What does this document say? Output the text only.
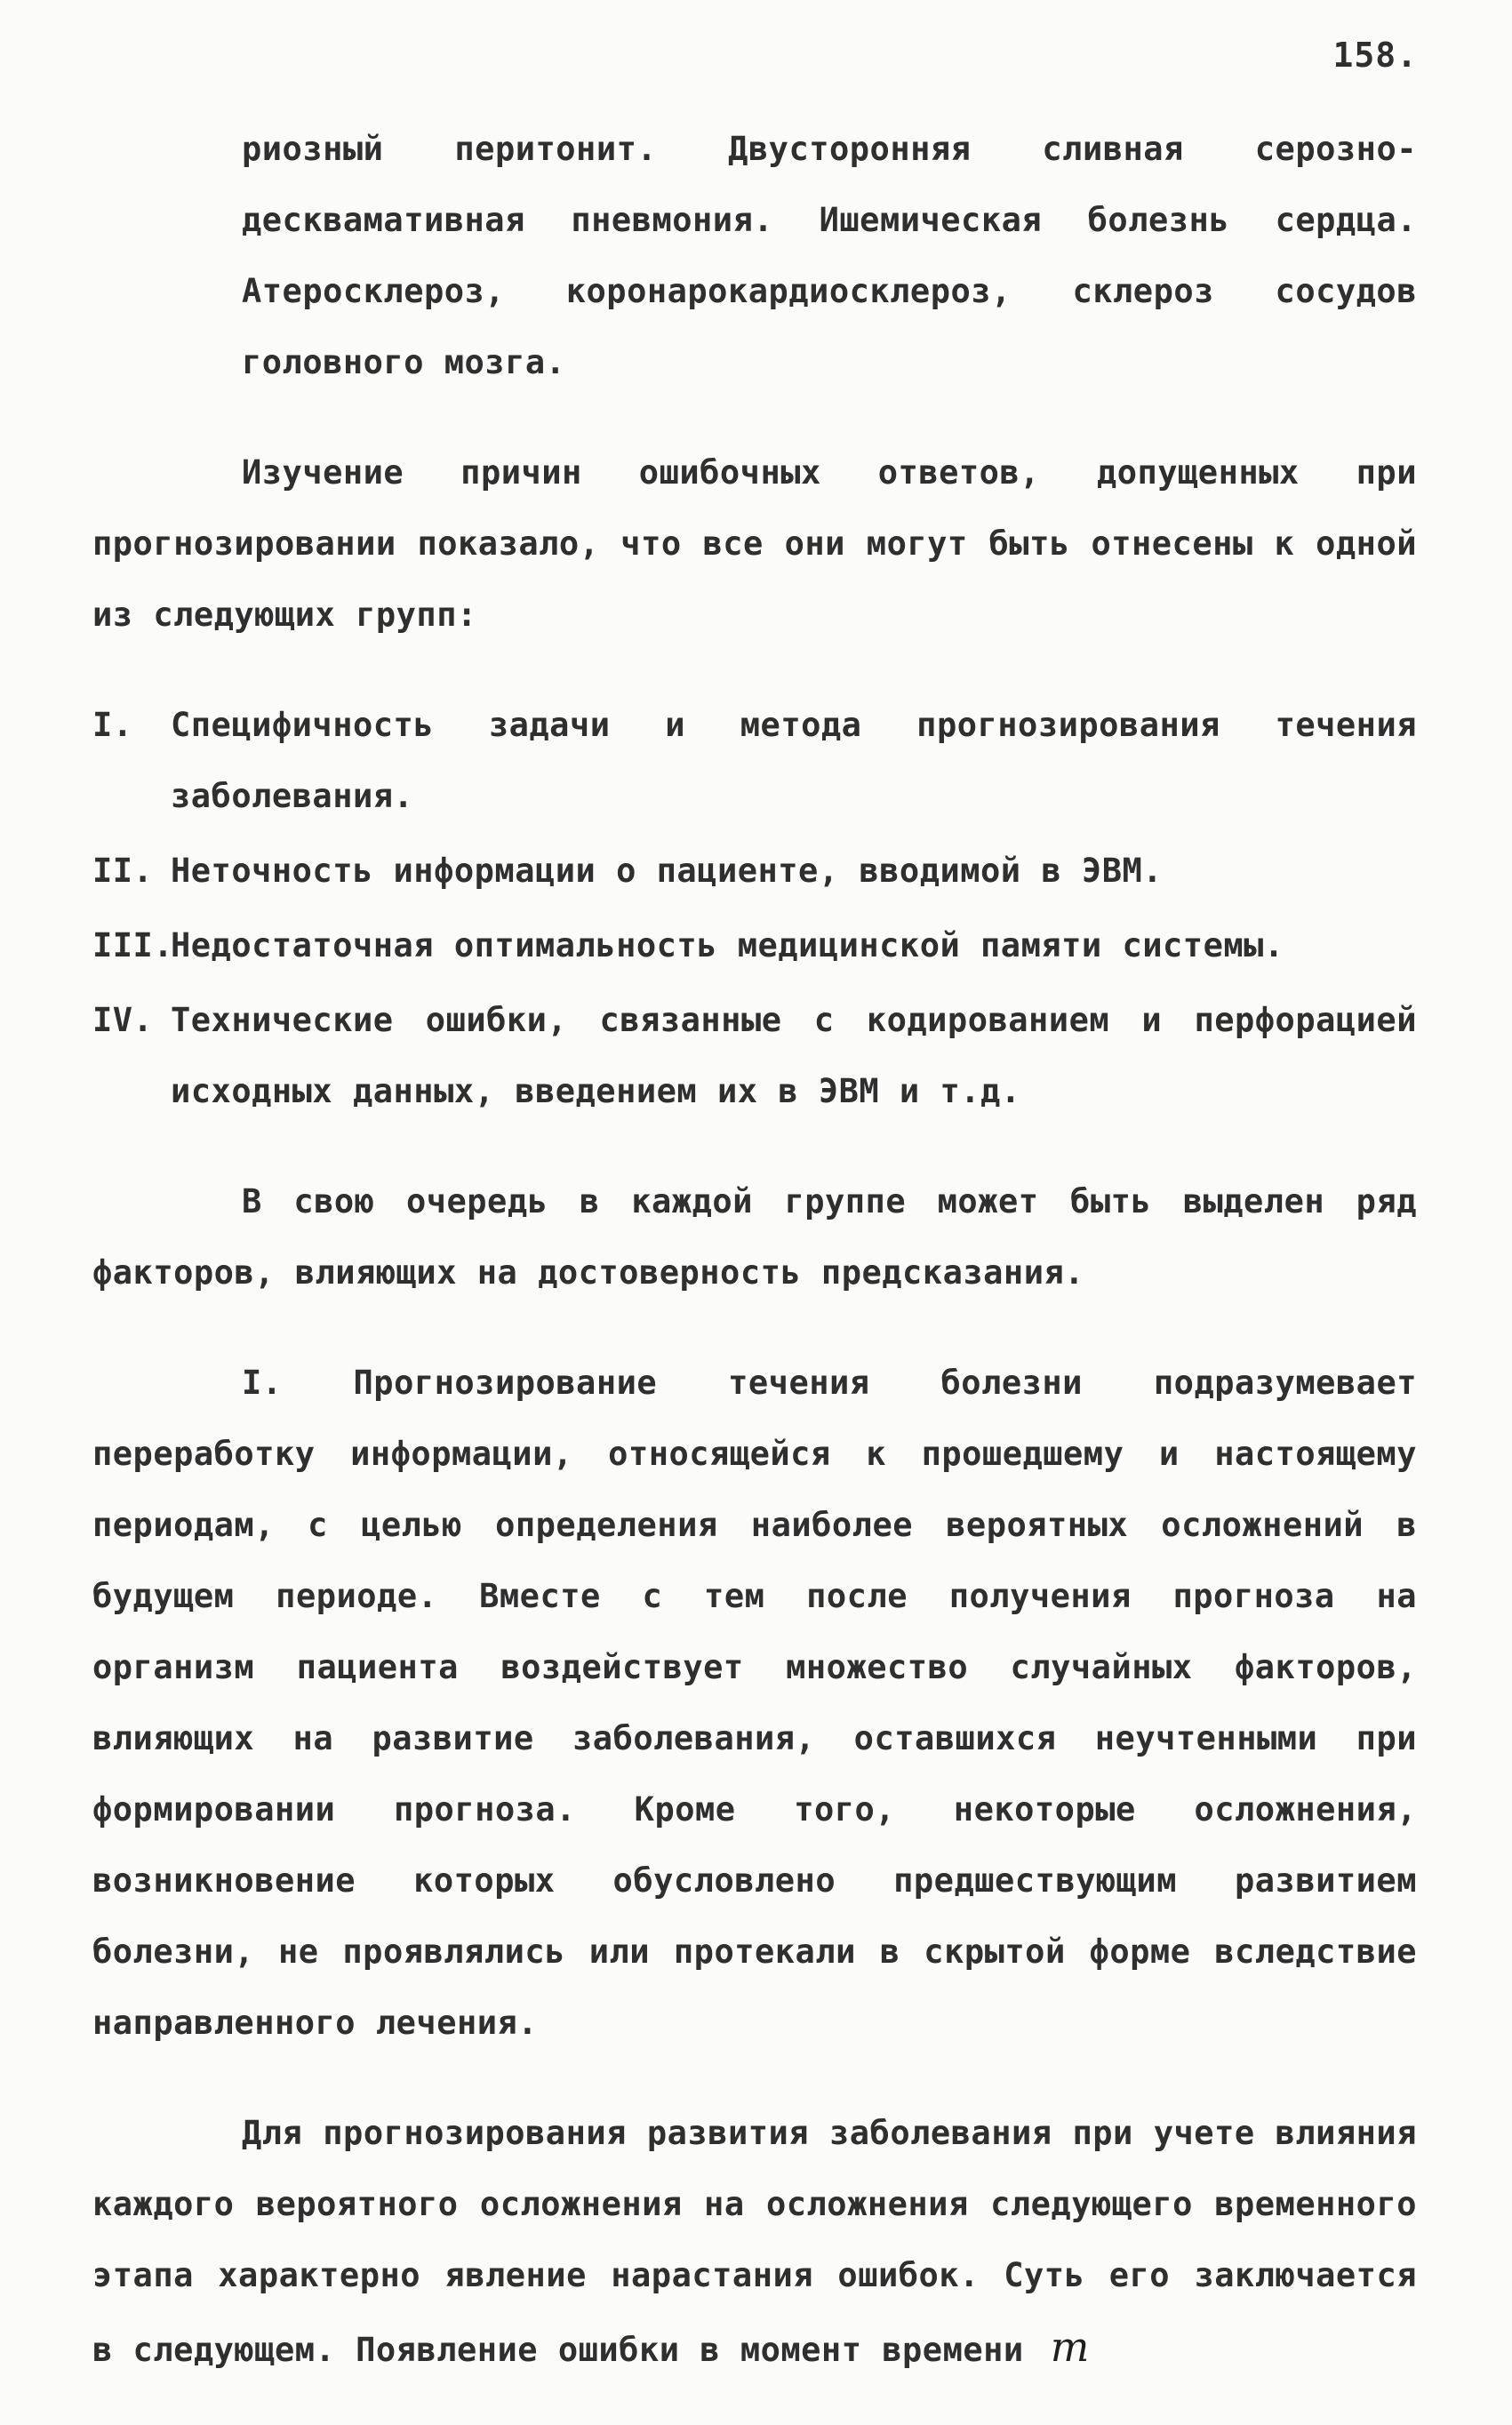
158.

риозный перитонит. Двусторонняя сливная серозно-десквамативная пневмония. Ишемическая болезнь сердца. Атеросклероз, коронарокардиосклероз, склероз сосудов головного мозга.

Изучение причин ошибочных ответов, допущенных при прогнозировании показало, что все они могут быть отнесены к одной из следующих групп:

I.	Специфичность задачи и метода прогнозирования течения заболевания.
II. Неточность информации о пациенте, вводимой в ЭВМ.
III.
Недостаточная оптимальность медицинской памяти системы.
IV. Технические ошибки, связанные с кодированием и перфорацией исходных данных, введением их в ЭВМ и т.д.

В свою очередь в каждой группе может быть выделен ряд факторов, влияющих на достоверность предсказания.

I. Прогнозирование течения болезни подразумевает переработку информации, относящейся к прошедшему и настоящему периодам, с целью определения наиболее вероятных осложнений в будущем периоде. Вместе с тем после получения прогноза на организм пациента воздействует множество случайных факторов, влияющих на развитие заболевания, оставшихся неучтенными при формировании прогноза. Кроме того, некоторые осложнения, возникновение которых обусловлено предшествующим развитием болезни, не проявлялись или протекали в скрытой форме вследствие направленного лечения.

Для прогнозирования развития заболевания при учете влияния каждого вероятного осложнения на осложнения следующего временного этапа характерно явление нарастания ошибок. Суть его заключается в следующем. Появление ошибки в момент времени m
